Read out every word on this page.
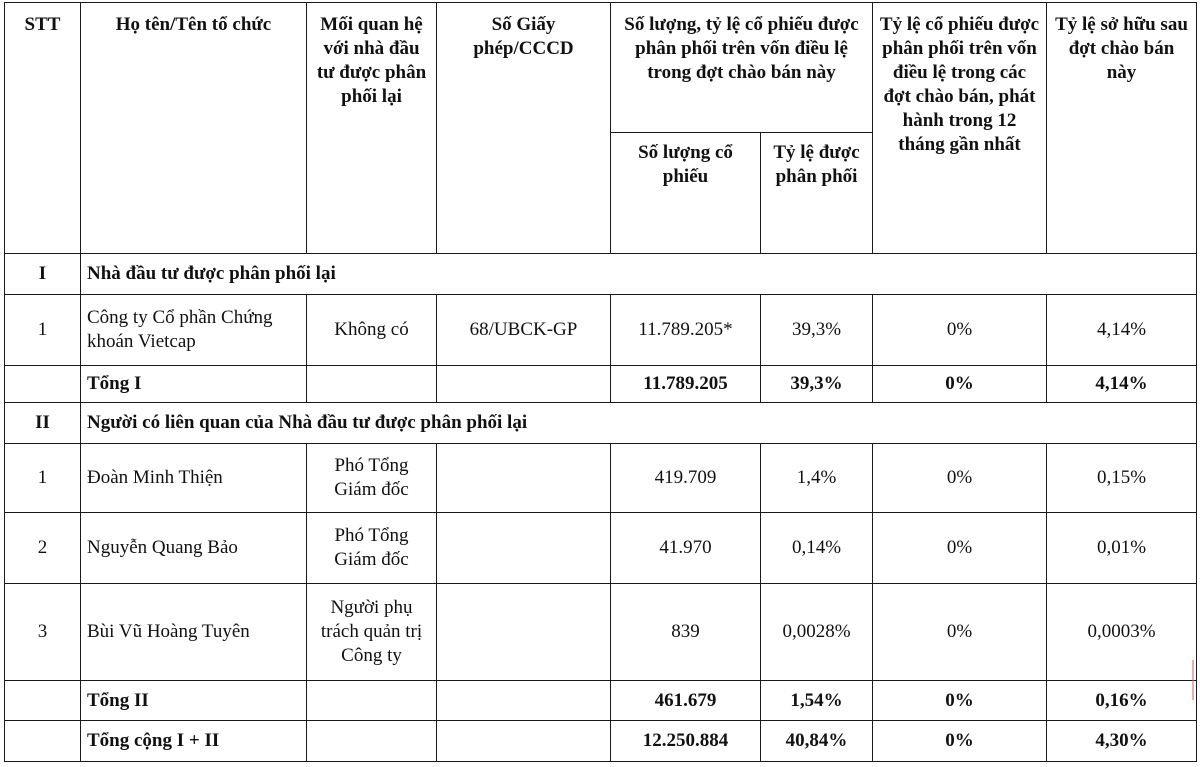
STT	Họ tên/Tên tổ chức	Mối quan hệ với nhà đầu tư được phân phối lại	Số Giấy phép/CCCD	Số lượng, tỷ lệ cổ phiếu được phân phối trên vốn điều lệ trong đợt chào bán này		Tỷ lệ cổ phiếu được phân phối trên vốn điều lệ trong các đợt chào bán, phát hành trong 12 tháng gần nhất	Tỷ lệ sở hữu sau đợt chào bán này
				Số lượng cổ phiếu	Tỷ lệ được phân phối		
I	Nhà đầu tư được phân phối lại						
1	Công ty Cổ phần Chứng khoán Vietcap	Không có	68/UBCK-GP	11.789.205*	39,3%	0%	4,14%
	Tổng I			11.789.205	39,3%	0%	4,14%
II	Người có liên quan của Nhà đầu tư được phân phối lại						
1	Đoàn Minh Thiện	Phó Tổng Giám đốc		419.709	1,4%	0%	0,15%
2	Nguyễn Quang Bảo	Phó Tổng Giám đốc		41.970	0,14%	0%	0,01%
3	Bùi Vũ Hoàng Tuyên	Người phụ trách quản trị Công ty		839	0,0028%	0%	0,0003%
	Tổng II			461.679	1,54%	0%	0,16%
	Tổng cộng I + II			12.250.884	40,84%	0%	4,30%
